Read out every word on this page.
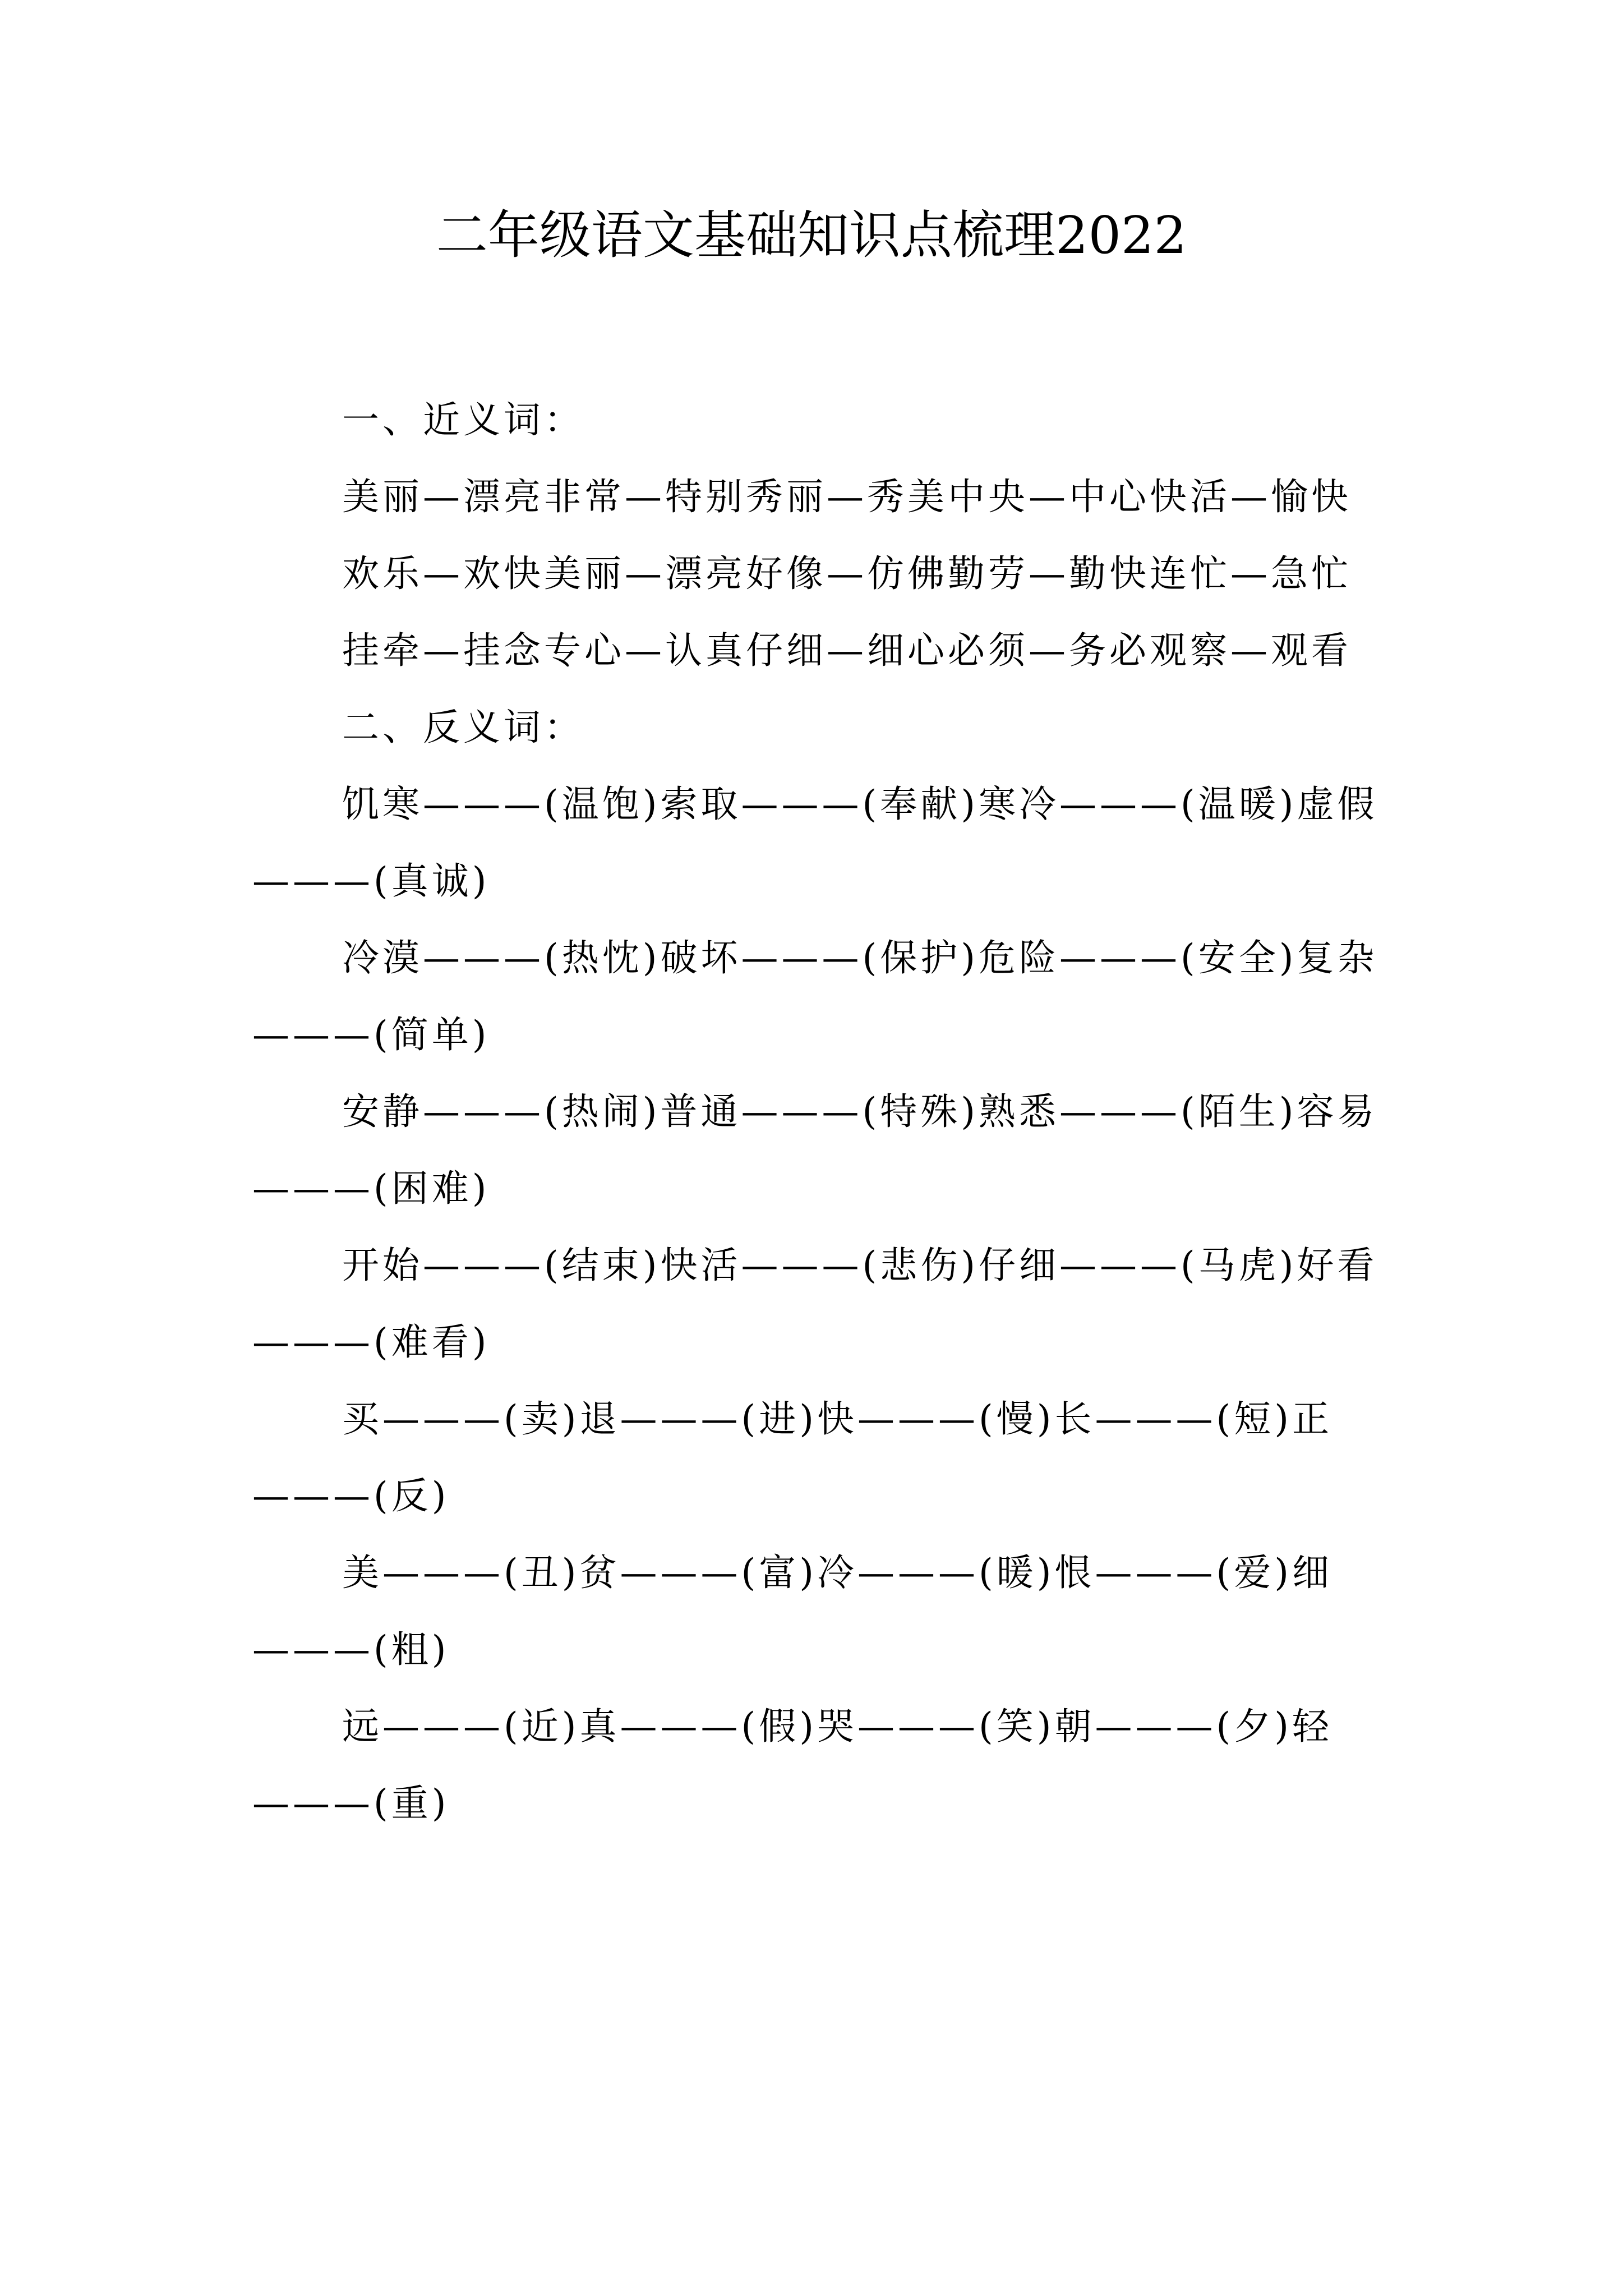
二年级语文基础知识点梳理2022

一、近义词：

美丽—漂亮非常—特别秀丽—秀美中央—中心快活—愉快

欢乐—欢快美丽—漂亮好像—仿佛勤劳—勤快连忙—急忙

挂牵—挂念专心—认真仔细—细心必须—务必观察—观看

二、反义词：

饥寒———(温饱)索取———(奉献)寒冷———(温暖)虚假———(真诚)

冷漠———(热忱)破坏———(保护)危险———(安全)复杂———(简单)

安静———(热闹)普通———(特殊)熟悉———(陌生)容易———(困难)

开始———(结束)快活———(悲伤)仔细———(马虎)好看———(难看)

买———(卖)退———(进)快———(慢)长———(短)正———(反)

美———(丑)贫———(富)冷———(暖)恨———(爱)细———(粗)

远———(近)真———(假)哭———(笑)朝———(夕)轻———(重)
